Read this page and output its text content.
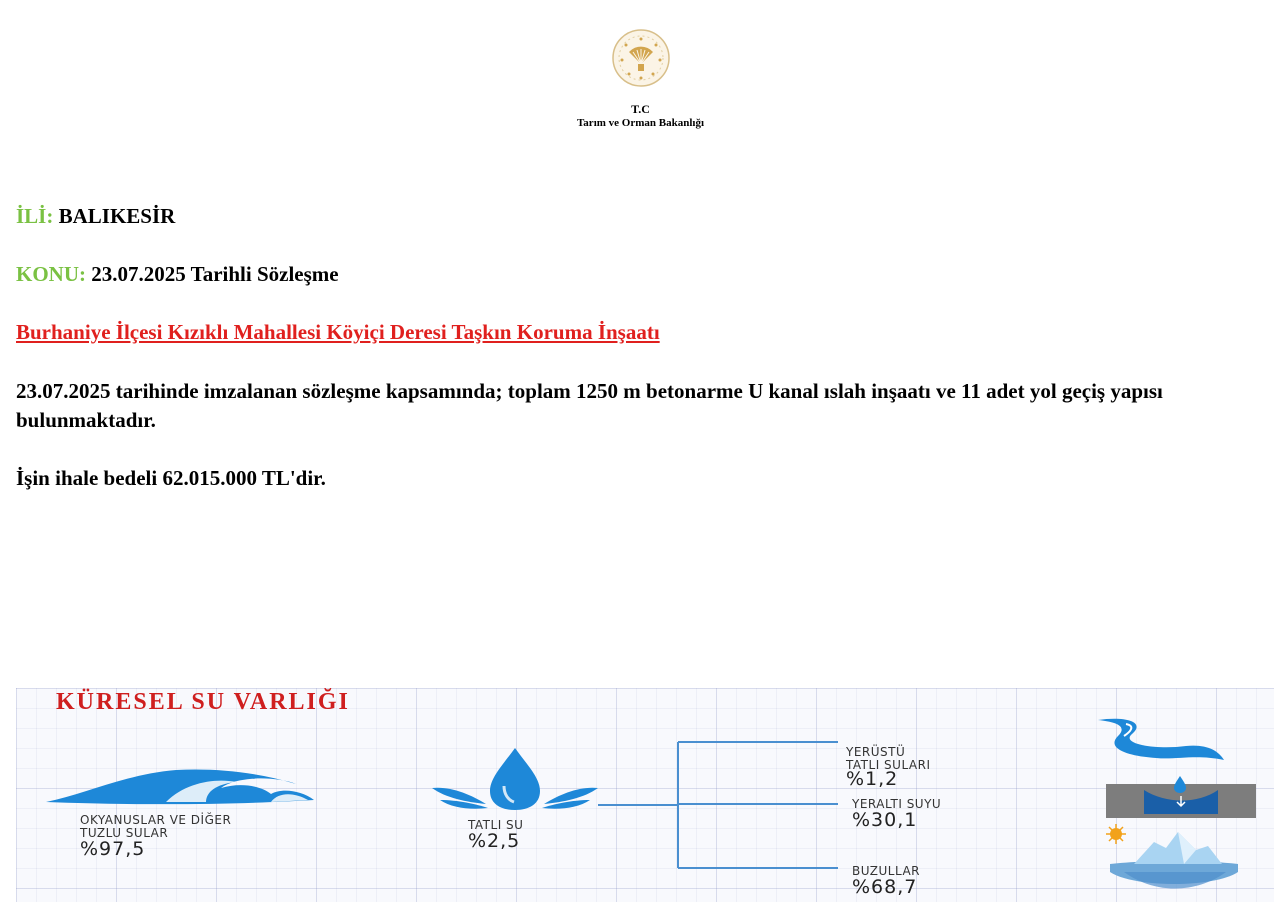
T.C
Tarım ve Orman Bakanlığı
İLİ: BALIKESİR
KONU: 23.07.2025 Tarihli Sözleşme
Burhaniye İlçesi Kızıklı Mahallesi Köyiçi Deresi Taşkın Koruma İnşaatı
23.07.2025 tarihinde imzalanan sözleşme kapsamında; toplam 1250 m betonarme U kanal ıslah inşaatı ve 11 adet yol geçiş yapısı bulunmaktadır.
İşin ihale bedeli 62.015.000 TL'dir.
KÜRESEL SU VARLIĞI
OKYANUSLAR VE DİĞER
TUZLU SULAR
%97,5
TATLI SU
%2,5
YERÜSTÜ
TATLI SULARI
%1,2
YERALTI SUYU
%30,1
BUZULLAR
%68,7
